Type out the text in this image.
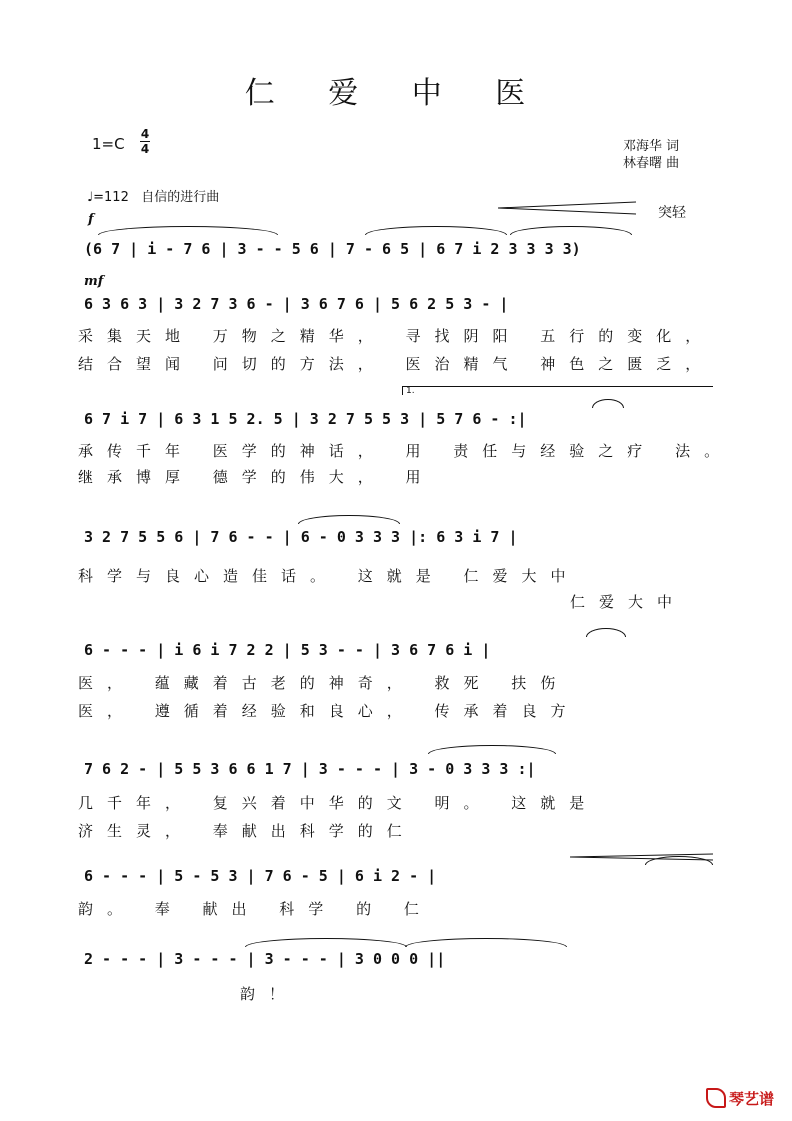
仁 爱 中 医
1=C
4
4	邓海华 词
林春曙 曲
♩=112 自信的进行曲
f	突轻
(6 7 | i - 7 6 | 3 - - 5 6 | 7 - 6 5 | 6 7 i 2 3 3 3 3)
mf
6 3 6 3 | 3 2 7 3 6 - | 3 6 7 6 | 5 6 2 5 3 - |
采集天地 万物之精华， 寻找阴阳 五行的变化，
结合望闻 问切的方法， 医治精气 神色之匮乏，
1.
6 7 i 7 | 6 3 1 5 2. 5 | 3 2 7 5 5 3 | 5 7 6 - :|
承传千年 医学的神话， 用 责任与经验之疗 法。
继承博厚 德学的伟大， 用
3 2 7 5 5 6 | 7 6 - - | 6 - 0 3 3 3 |: 6 3 i 7 |
科学与良心造佳话。 这就是 仁爱大中
仁爱大中
6 - - - | i 6 i 7 2 2 | 5 3 - - | 3 6 7 6 i |
医， 蕴藏着古老的神奇， 救死 扶伤
医， 遵循着经验和良心， 传承着良方
7 6 2 - | 5 5 3 6 6 1 7 | 3 - - - | 3 - 0 3 3 3 :|
几千年， 复兴着中华的文 明。 这就是
济生灵， 奉献出科学的仁
6 - - - | 5 - 5 3 | 7 6 - 5 | 6 i 2 - |
韵。 奉 献出 科学 的 仁
2 - - - | 3 - - - | 3 - - - | 3 0 0 0 ||
韵！
琴艺谱
